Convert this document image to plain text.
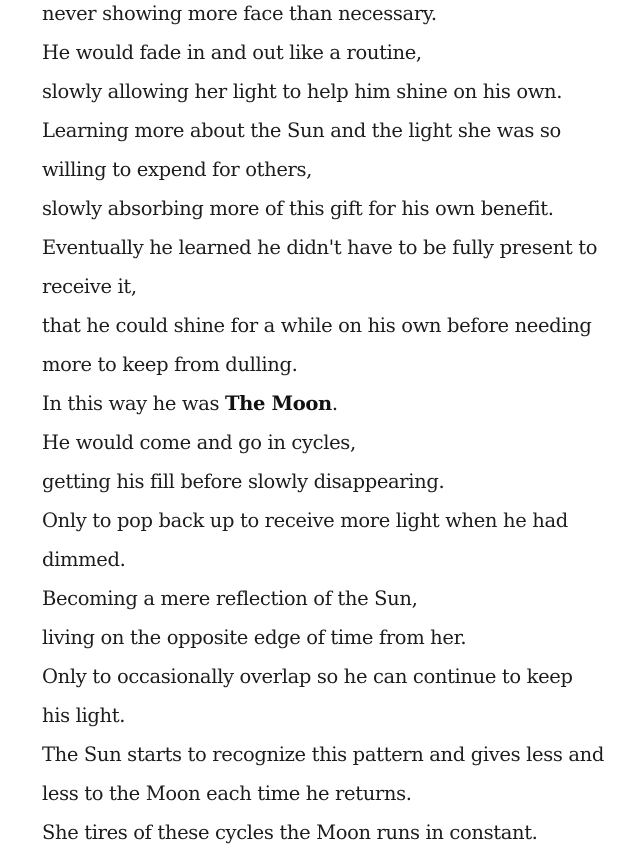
never showing more face than necessary.
He would fade in and out like a routine,
slowly allowing her light to help him shine on his own.
Learning more about the Sun and the light she was so
willing to expend for others,
slowly absorbing more of this gift for his own benefit.
Eventually he learned he didn't have to be fully present to
receive it,
that he could shine for a while on his own before needing
more to keep from dulling.
In this way he was The Moon.
He would come and go in cycles,
getting his fill before slowly disappearing.
Only to pop back up to receive more light when he had
dimmed.
Becoming a mere reflection of the Sun,
living on the opposite edge of time from her.
Only to occasionally overlap so he can continue to keep
his light.
The Sun starts to recognize this pattern and gives less and
less to the Moon each time he returns.
She tires of these cycles the Moon runs in constant.
